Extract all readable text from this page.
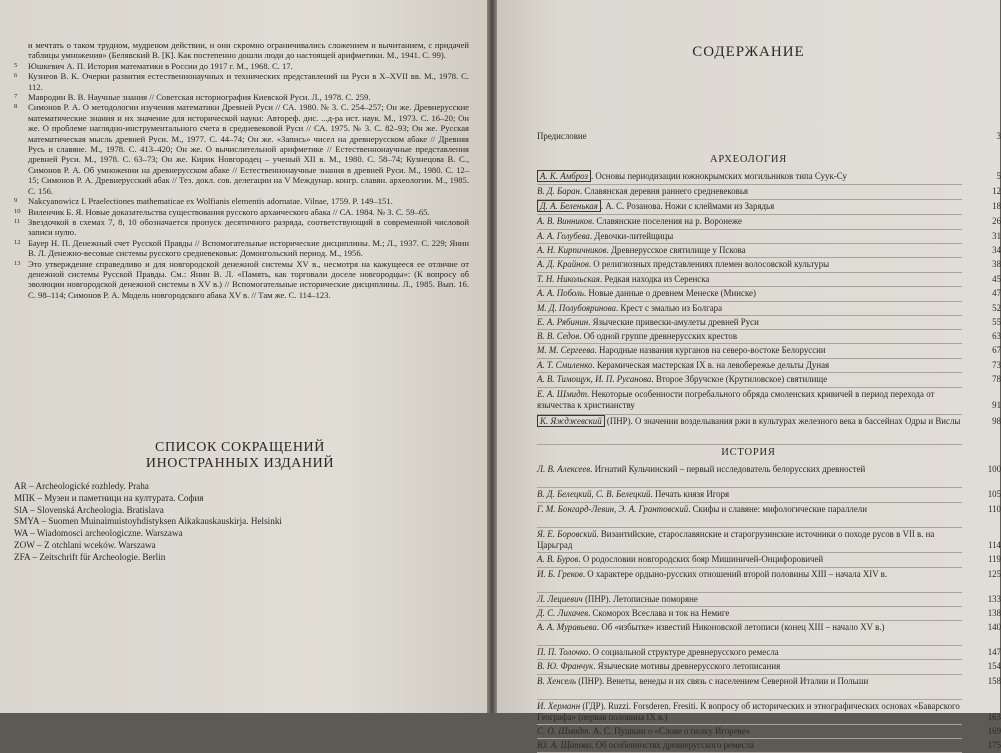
и мечтать о таком трудном, мудреном действии, и они скромно ограничивались сложением и вычитанием, с придачей таблицы умножения» (Белявский В. [К]. Как постепенно дошли люди до настоящей арифметики. М., 1941. С. 99).
5	Юшкевич А. П. История математики в России до 1917 г. М., 1968. С. 17.
6	Кузнеов В. К. Очерки развития естественнонаучных и технических представлений на Руси в X–XVII вв. М., 1978. С. 112.
7	Мавродин В. В. Научные знания // Советская историография Киевской Руси. Л., 1978. С. 259.
8	Симонов Р. А. О методологии изучения математики Древней Руси // СА. 1980. № 3. С. 254–257; Он же. Древнерусские математические знания и их значение для исторической науки: Автореф. дис. ...д-ра ист. наук. М., 1973. С. 16–20; Он же. О проблеме наглядно-инструментального счета в средневековой Руси // СА. 1975. № 3. С. 82–93; Он же. Русская математическая мысль древней Руси. М., 1977. С. 44–74; Он же. «Запись» чисел на древнерусском абаке // Древняя Русь и славяне. М., 1978. С. 413–420; Он же. О вычислительной арифметике // Естественнонаучные представления древней Руси. М., 1978. С. 63–73; Он же. Кирик Новгородец – ученый XII в. М., 1980. С. 58–74; Кузнецова В. С., Симонов Р. А. Об умножении на древнерусском абаке // Естественнонаучные знания в древней Руси. М., 1980. С. 12–15; Симонов Р. А. Древнерусский абак // Тез. докл. сов. делегации на V Междунар. конгр. славян. археологии. М., 1985. С. 156.
9	Nakcyanowicz I. Praelectiones mathematicae ex Wolfianis elementis adornatae. Vilnae, 1759. P. 149–151.
10 Виленчик Б. Я. Новые доказательства существования русского архаического абака // СА. 1984. № 3. С. 59–65.
11 Звездочкой в схемах 7, 8, 10 обозначается пропуск десятичного разряда, соответствующий в современной числовой записи нулю.
12 Бауер Н. П. Денежный счет Русской Правды // Вспомогательные исторические дисциплины. М.; Л., 1937. С. 229; Янин В. Л. Денежно-весовые системы русского средневековья: Домонгольский период. М., 1956.
13 Это утверждение справедливо и для новгородской денежной системы XV в., несмотря на кажущееся ее отличие от денежной системы Русской Правды. См.: Янин В. Л. «Память, как торговали доселе новгородцы»: (К вопросу об эволюции новгородской денежной системы в XV в.) // Вспомогательные исторические дисциплины. Л., 1985. Вып. 16. С. 98–114; Симонов Р. А. Модель новгородского абака XV в. // Там же. С. 114–123.
СПИСОК СОКРАЩЕНИЙ
ИНОСТРАННЫХ ИЗДАНИЙ
AR – Archeologické rozhledy. Praha
МПК – Музеи и паметници на културата. София
SlA – Slovenská Archeologia. Bratislava
SMYA – Suomen Muinaimuistoyhdistyksen Aikakauskauskirja. Helsinki
WA – Wiadomosci archeologiczne. Warszawa
ZOW – Z otchlani wceków. Warszawa
ZFA – Zeitschrift für Archeologie. Berlin
СОДЕРЖАНИЕ
Предисловие	3
АРХЕОЛОГИЯ
А. К. Амброз . Основы периодизации южнокрымских могильников типа Суук-Су	5
В. Д. Баран. Славянская деревня раннего средневековья	12
Д. А. Беленькая . А. С. Розанова. Ножи с клеймами из Зарядья	18
А. В. Винников. Славянские поселения на р. Воронеже	26
А. А. Голубева. Девочки-литейщицы	31
А. Н. Кирпичников. Древнерусское святилище у Пскова	34
А. Д. Крайнов. О религиозных представлениях племен волосовской культуры	38
Т. Н. Никольская. Редкая находка из Серенска	45
А. А. Поболь. Новые данные о древнем Менеске (Минске)	47
М. Д. Полубояринова. Крест с эмалью из Болгара	52
Е. А. Рябинин. Языческие привески-амулеты древней Руси	55
В. В. Седов. Об одной группе древнерусских крестов	63
М. М. Сергеева. Народные названия курганов на северо-востоке Белоруссии	67
А. Т. Смиленко. Керамическая мастерская IX в. на левобережье дельты Дуная	73
А. В. Тимощук, И. П. Русанова. Второе Збручское (Крутиловское) святилище	78
Е. А. Шмидт. Некоторые особенности погребального обряда смоленских кривичей в период перехода от язычества к христианству	91
К. Яжджевский (ПНР). О значении возделывания ржи в культурах железного века в бассейнах Одры и Вислы	98
ИСТОРИЯ
Л. В. Алексеев. Игнатий Кульчинский – первый исследователь белорусских древностей	100
В. Д. Белецкий, С. В. Белецкий. Печать князя Игоря	105
Г. М. Бонгард-Левин, Э. А. Грантовский. Скифы и славяне: мифологические параллели	110
Я. Е. Боровский. Византийские, старославянские и старогрузинские источники о походе русов в VII в. на Царьград	114
А. В. Буров. О родословии новгородских бояр Мишиничей-Онцифоровичей	119
И. Б. Греков. О характере ордыно-русских отношений второй половины XIII – начала XIV в.	125
Л. Лециевич (ПНР). Летописные поморяне	133
Д. С. Лихачев. Скоморох Всеслава и ток на Немиге	138
А. А. Муравьева. Об «избытке» известий Никоновской летописи (конец XIII – начало XV в.)	140
П. П. Толочко. О социальной структуре древнерусского ремесла	147
В. Ю. Франчук. Языческие мотивы древнерусского летописания	154
В. Хенсель (ПНР). Венеты, венеды и их связь с населением Северной Италии и Польши	158
И. Херманн (ГДР). Ruzzi. Forsderen. Fresiti. К вопросу об исторических и этнографических основах «Баварского Географа» (первая половина IX в.)	163
С. О. Шмидт. А. С. Пушкин о «Слове о полку Игореве»	169
Ю. А. Щапова. Об особенностях древнерусского ремесла	175
